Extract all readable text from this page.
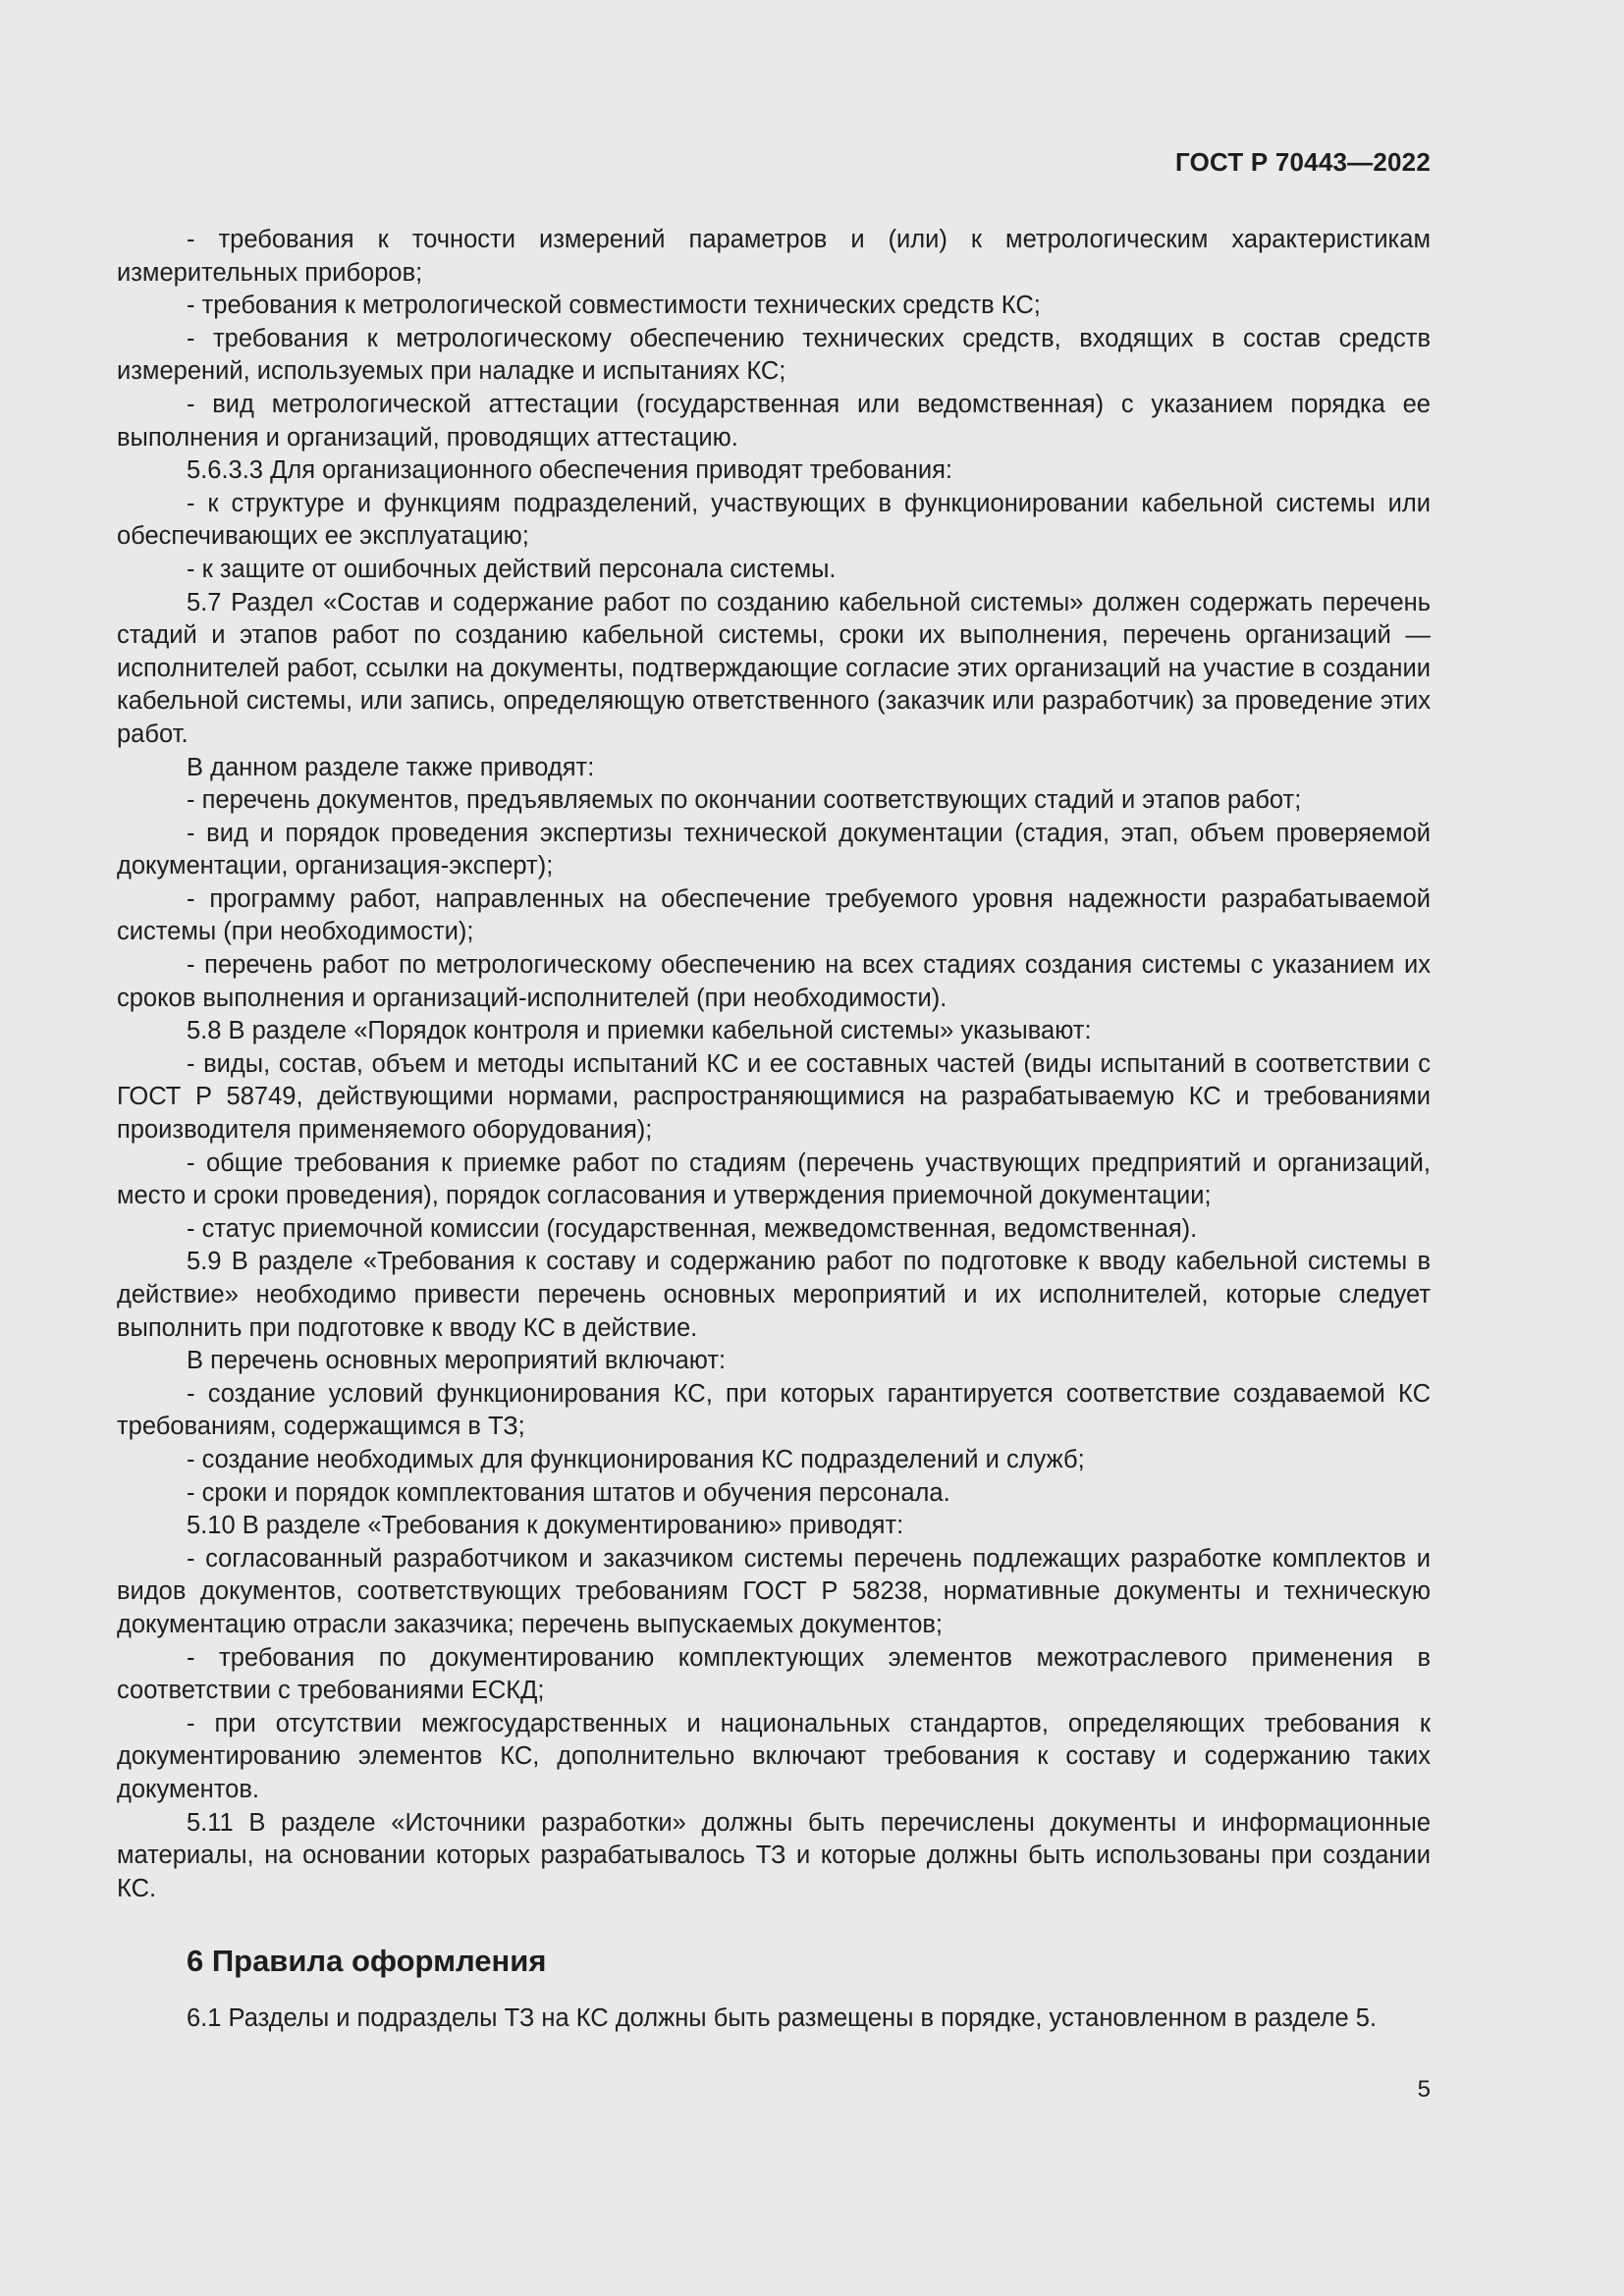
ГОСТ Р 70443—2022

- требования к точности измерений параметров и (или) к метрологическим характеристикам измерительных приборов;

- требования к метрологической совместимости технических средств КС;

- требования к метрологическому обеспечению технических средств, входящих в состав средств измерений, используемых при наладке и испытаниях КС;

- вид метрологической аттестации (государственная или ведомственная) с указанием порядка ее выполнения и организаций, проводящих аттестацию.

5.6.3.3 Для организационного обеспечения приводят требования:

- к структуре и функциям подразделений, участвующих в функционировании кабельной системы или обеспечивающих ее эксплуатацию;

- к защите от ошибочных действий персонала системы.

5.7 Раздел «Состав и содержание работ по созданию кабельной системы» должен содержать перечень стадий и этапов работ по созданию кабельной системы, сроки их выполнения, перечень организаций — исполнителей работ, ссылки на документы, подтверждающие согласие этих организаций на участие в создании кабельной системы, или запись, определяющую ответственного (заказчик или разработчик) за проведение этих работ.

В данном разделе также приводят:

- перечень документов, предъявляемых по окончании соответствующих стадий и этапов работ;

- вид и порядок проведения экспертизы технической документации (стадия, этап, объем проверяемой документации, организация-эксперт);

- программу работ, направленных на обеспечение требуемого уровня надежности разрабатываемой системы (при необходимости);

- перечень работ по метрологическому обеспечению на всех стадиях создания системы с указанием их сроков выполнения и организаций-исполнителей (при необходимости).

5.8 В разделе «Порядок контроля и приемки кабельной системы» указывают:

- виды, состав, объем и методы испытаний КС и ее составных частей (виды испытаний в соответствии с ГОСТ Р 58749, действующими нормами, распространяющимися на разрабатываемую КС и требованиями производителя применяемого оборудования);

- общие требования к приемке работ по стадиям (перечень участвующих предприятий и организаций, место и сроки проведения), порядок согласования и утверждения приемочной документации;

- статус приемочной комиссии (государственная, межведомственная, ведомственная).

5.9 В разделе «Требования к составу и содержанию работ по подготовке к вводу кабельной системы в действие» необходимо привести перечень основных мероприятий и их исполнителей, которые следует выполнить при подготовке к вводу КС в действие.

В перечень основных мероприятий включают:

- создание условий функционирования КС, при которых гарантируется соответствие создаваемой КС требованиям, содержащимся в ТЗ;

- создание необходимых для функционирования КС подразделений и служб;

- сроки и порядок комплектования штатов и обучения персонала.

5.10 В разделе «Требования к документированию» приводят:

- согласованный разработчиком и заказчиком системы перечень подлежащих разработке комплектов и видов документов, соответствующих требованиям ГОСТ Р 58238, нормативные документы и техническую документацию отрасли заказчика; перечень выпускаемых документов;

- требования по документированию комплектующих элементов межотраслевого применения в соответствии с требованиями ЕСКД;

- при отсутствии межгосударственных и национальных стандартов, определяющих требования к документированию элементов КС, дополнительно включают требования к составу и содержанию таких документов.

5.11 В разделе «Источники разработки» должны быть перечислены документы и информационные материалы, на основании которых разрабатывалось ТЗ и которые должны быть использованы при создании КС.

6 Правила оформления

6.1 Разделы и подразделы ТЗ на КС должны быть размещены в порядке, установленном в разделе 5.

5
